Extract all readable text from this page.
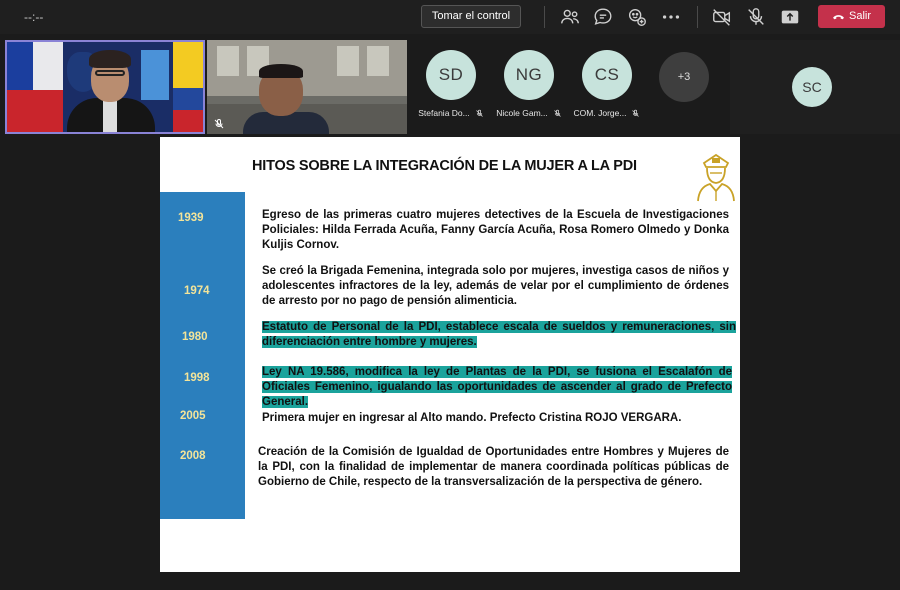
--:--	Tomar el control	Salir
SD
Stefania Do...
NG
Nicole Gam...
CS
COM. Jorge...
+3
SC
HITOS SOBRE LA INTEGRACIÓN DE LA MUJER A LA PDI
1939
1974
1980
1998
2005
2008
Egreso de las primeras cuatro mujeres detectives de la Escuela de Investigaciones Policiales: Hilda Ferrada Acuña, Fanny García Acuña, Rosa Romero Olmedo y Donka Kuljis Cornov.
Se creó la Brigada Femenina, integrada solo por mujeres, investiga casos de niños y adolescentes infractores de la ley, además de velar por el cumplimiento de órdenes de arresto por no pago de pensión alimenticia.
Estatuto de Personal de la PDI, establece escala de sueldos y remuneraciones, sin diferenciación entre hombre y mujeres.
Ley NA 19.586, modifica la ley de Plantas de la PDI, se fusiona el Escalafón de Oficiales Femenino, igualando las oportunidades de ascender al grado de Prefecto General.
Primera mujer en ingresar al Alto mando. Prefecto Cristina ROJO VERGARA.
Creación de la Comisión de Igualdad de Oportunidades entre Hombres y Mujeres de la PDI, con la finalidad de implementar de manera coordinada políticas públicas de Gobierno de Chile, respecto de la transversalización de la perspectiva de género.
